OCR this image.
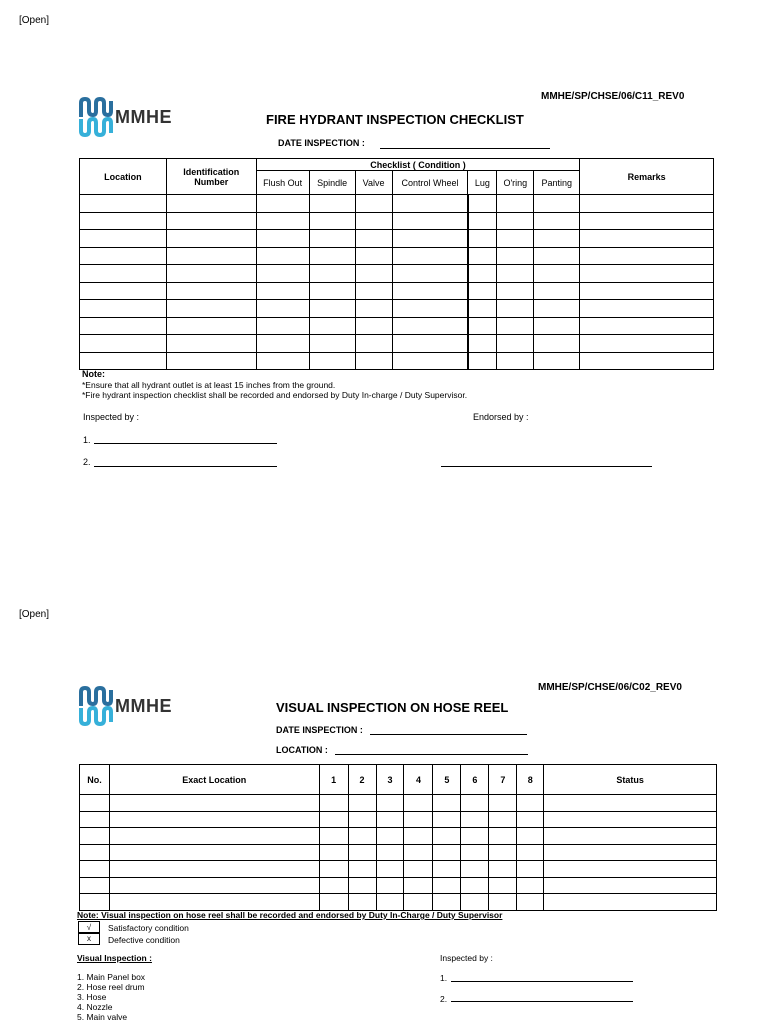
[Open]
MMHE/SP/CHSE/06/C11_REV0
MMHE	FIRE HYDRANT INSPECTION CHECKLIST
DATE INSPECTION :
Location	Identification Number	Checklist ( Condition )							Remarks
		Flush Out	Spindle	Valve	Control Wheel	Lug	O'ring	Panting	

Note:
*Ensure that all hydrant outlet is at least 15 inches from the ground.
*Fire hydrant inspection checklist shall be recorded and endorsed by Duty In-charge / Duty Supervisor.
Inspected by :	Endorsed by :
1.
2.
[Open]
MMHE/SP/CHSE/06/C02_REV0
MMHE	VISUAL INSPECTION ON HOSE REEL
DATE INSPECTION :
LOCATION :
No.	Exact Location	1	2	3	4	5	6	7	8	Status

Note: Visual inspection on hose reel shall be recorded and endorsed by Duty In-Charge / Duty Supervisor
√	Satisfactory condition
x	Defective condition
Visual Inspection :
1. Main Panel box
2. Hose reel drum
3. Hose
4. Nozzle
5. Main valve
Inspected by :
1.
2.
